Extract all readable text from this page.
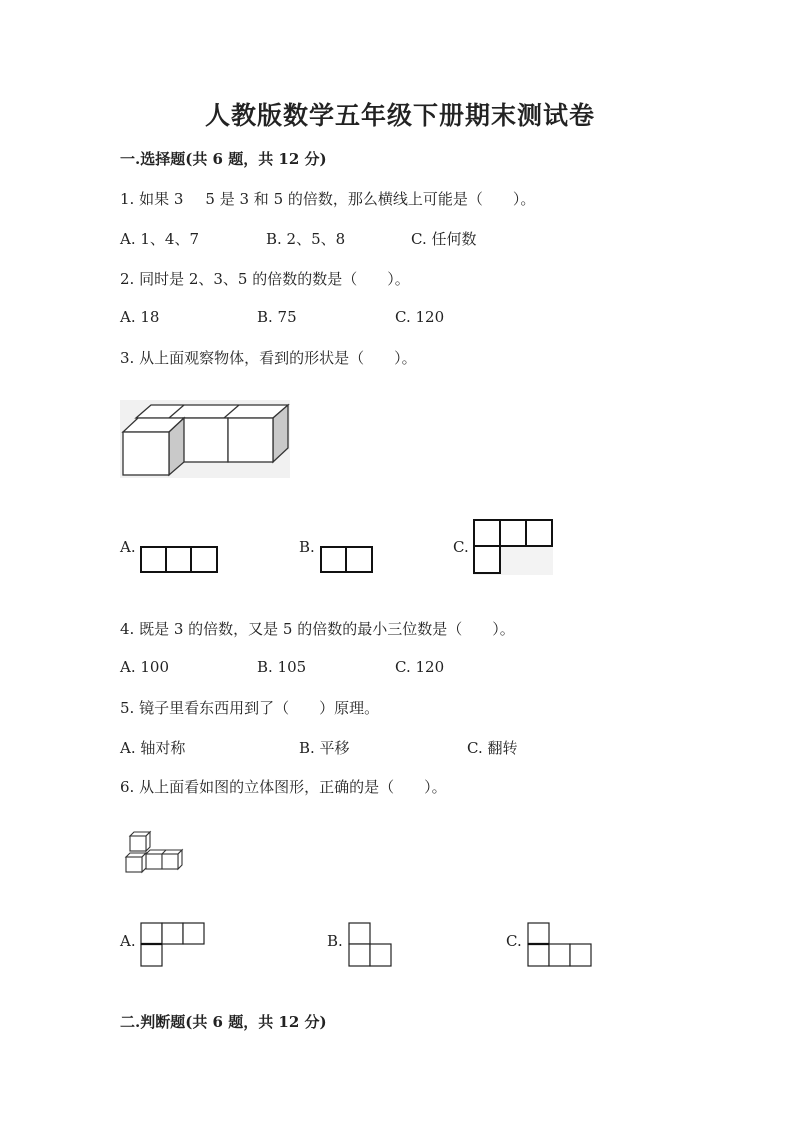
人教版数学五年级下册期末测试卷
一.选择题(共 6 题，共 12 分)
1. 如果 3 5 是 3 和 5 的倍数，那么横线上可能是（　　）。
A. 1、4、7	B. 2、5、8	C. 任何数
2. 同时是 2、3、5 的倍数的数是（　　）。
A. 18	B. 75	C. 120
3. 从上面观察物体，看到的形状是（　　）。
A.	B.	C.
4. 既是 3 的倍数，又是 5 的倍数的最小三位数是（　　）。
A. 100	B. 105	C. 120
5. 镜子里看东西用到了（　　）原理。
A. 轴对称	B. 平移	C. 翻转
6. 从上面看如图的立体图形，正确的是（　　）。
A.	B.	C.
二.判断题(共 6 题，共 12 分)
